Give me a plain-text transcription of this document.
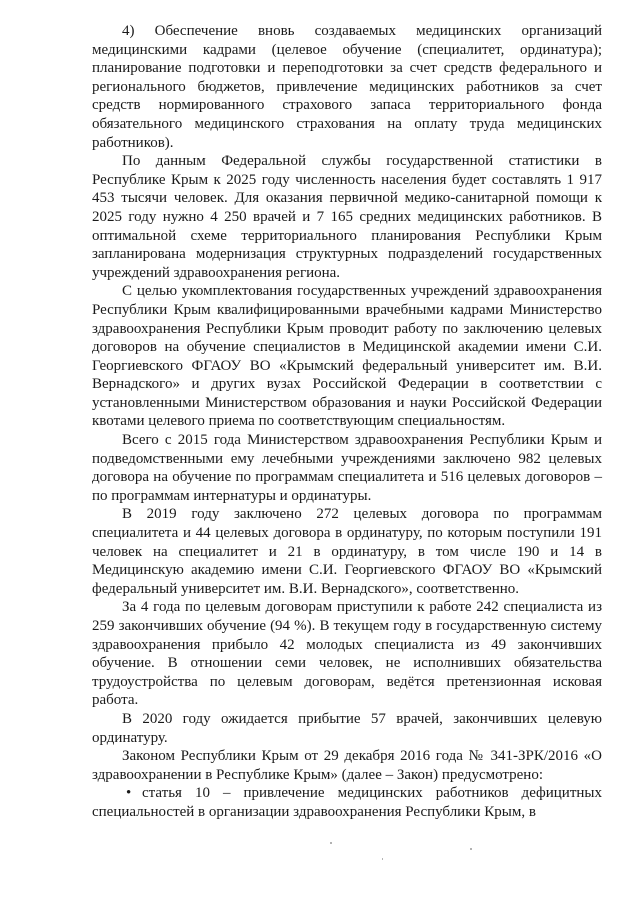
4) Обеспечение вновь создаваемых медицинских организаций медицинскими кадрами (целевое обучение (специалитет, ординатура); планирование подготовки и переподготовки за счет средств федерального и регионального бюджетов, привлечение медицинских работников за счет средств нормированного страхового запаса территориального фонда обязательного медицинского страхования на оплату труда медицинских работников).

По данным Федеральной службы государственной статистики в Республике Крым к 2025 году численность населения будет составлять 1 917 453 тысячи человек. Для оказания первичной медико-санитарной помощи к 2025 году нужно 4 250 врачей и 7 165 средних медицинских работников. В оптимальной схеме территориального планирования Республики Крым запланирована модернизация структурных подразделений государственных учреждений здравоохранения региона.

С целью укомплектования государственных учреждений здравоохранения Республики Крым квалифицированными врачебными кадрами Министерство здравоохранения Республики Крым проводит работу по заключению целевых договоров на обучение специалистов в Медицинской академии имени С.И. Георгиевского ФГАОУ ВО «Крымский федеральный университет им. В.И. Вернадского» и других вузах Российской Федерации в соответствии с установленными Министерством образования и науки Российской Федерации квотами целевого приема по соответствующим специальностям.

Всего с 2015 года Министерством здравоохранения Республики Крым и подведомственными ему лечебными учреждениями заключено 982 целевых договора на обучение по программам специалитета и 516 целевых договоров – по программам интернатуры и ординатуры.

В 2019 году заключено 272 целевых договора по программам специалитета и 44 целевых договора в ординатуру, по которым поступили 191 человек на специалитет и 21 в ординатуру, в том числе 190 и 14 в Медицинскую академию имени С.И. Георгиевского ФГАОУ ВО «Крымский федеральный университет им. В.И. Вернадского», соответственно.

За 4 года по целевым договорам приступили к работе 242 специалиста из 259 закончивших обучение (94 %). В текущем году в государственную систему здравоохранения прибыло 42 молодых специалиста из 49 закончивших обучение. В отношении семи человек, не исполнивших обязательства трудоустройства по целевым договорам, ведётся претензионная исковая работа.

В 2020 году ожидается прибытие 57 врачей, закончивших целевую ординатуру.

Законом Республики Крым от 29 декабря 2016 года № 341-ЗРК/2016 «О здравоохранении в Республике Крым» (далее – Закон) предусмотрено:

• статья 10 – привлечение медицинских работников дефицитных специальностей в организации здравоохранения Республики Крым, в
